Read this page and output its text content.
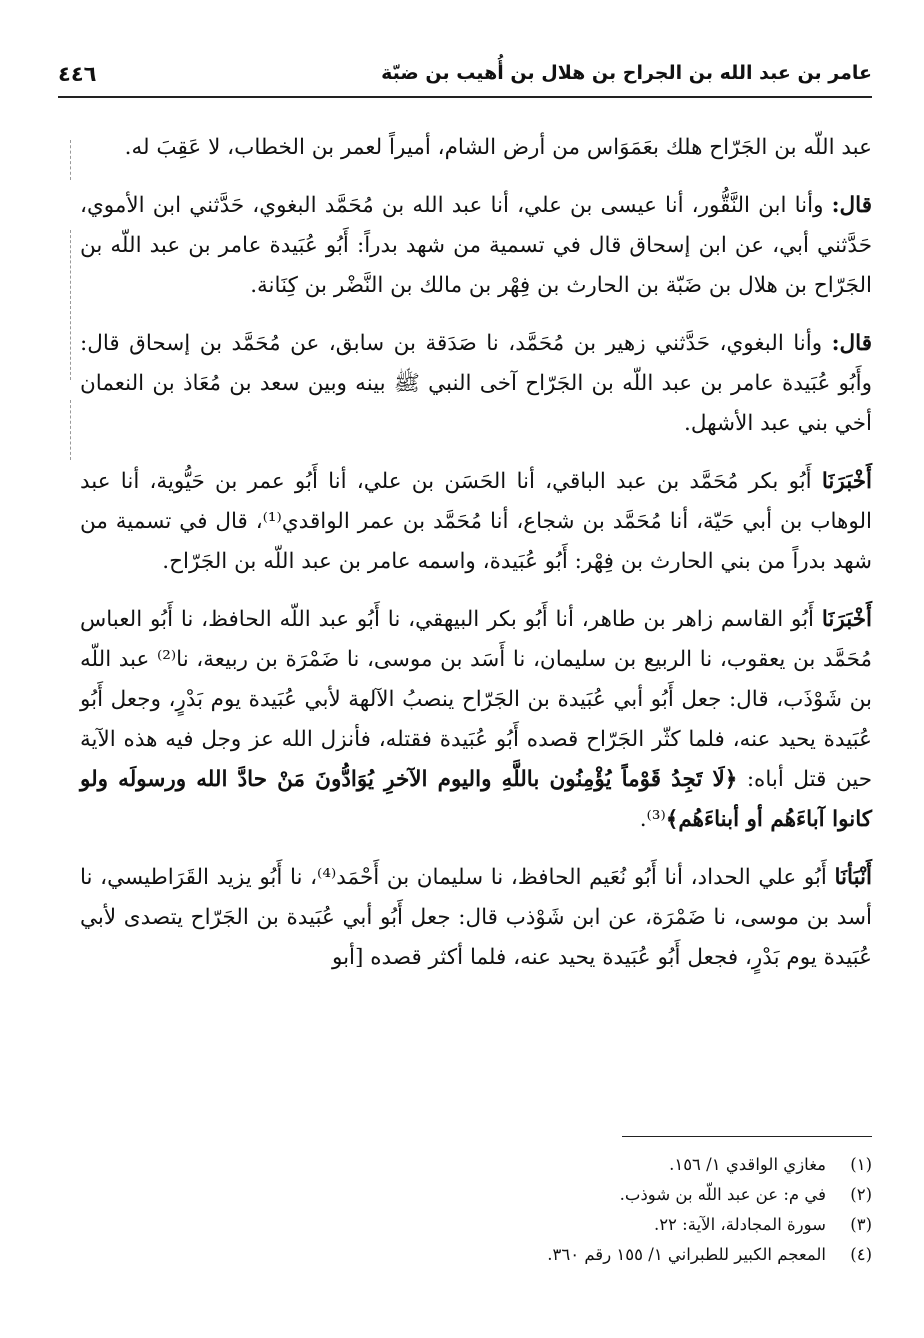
عامر بن عبد الله بن الجراح بن هلال بن أُهيب بن ضبّة
٤٤٦

عبد اللّه بن الجَرّاح هلك بعَمَوَاس من أرض الشام، أميراً لعمر بن الخطاب، لا عَقِبَ له.

قال: وأنا ابن النَّقُّور، أنا عيسى بن علي، أنا عبد الله بن مُحَمَّد البغوي، حَدَّثني ابن الأموي، حَدَّثني أبي، عن ابن إسحاق قال في تسمية من شهد بدراً: أَبُو عُبَيدة عامر بن عبد اللّه بن الجَرّاح بن هلال بن ضَبّة بن الحارث بن فِهْر بن مالك بن النَّضْر بن كِنَانة.

قال: وأنا البغوي، حَدَّثني زهير بن مُحَمَّد، نا صَدَقة بن سابق، عن مُحَمَّد بن إسحاق قال: وأَبُو عُبَيدة عامر بن عبد اللّه بن الجَرّاح آخى النبي ﷺ بينه وبين سعد بن مُعَاذ بن النعمان أخي بني عبد الأشهل.

أَخْبَرَنَا أَبُو بكر مُحَمَّد بن عبد الباقي، أنا الحَسَن بن علي، أنا أَبُو عمر بن حَيُّوية، أنا عبد الوهاب بن أبي حَيّة، أنا مُحَمَّد بن شجاع، أنا مُحَمَّد بن عمر الواقدي⁽¹⁾، قال في تسمية من شهد بدراً من بني الحارث بن فِهْر: أَبُو عُبَيدة، واسمه عامر بن عبد اللّه بن الجَرّاح.

أَخْبَرَنَا أَبُو القاسم زاهر بن طاهر، أنا أَبُو بكر البيهقي، نا أَبُو عبد اللّه الحافظ، نا أَبُو العباس مُحَمَّد بن يعقوب، نا الربيع بن سليمان، نا أَسَد بن موسى، نا ضَمْرَة بن ربيعة، نا⁽²⁾ عبد اللّه بن شَوْذَب، قال: جعل أَبُو أبي عُبَيدة بن الجَرّاح ينصبُ الآلهة لأبي عُبَيدة يوم بَدْرٍ، وجعل أَبُو عُبَيدة يحيد عنه، فلما كثّر الجَرّاح قصده أَبُو عُبَيدة فقتله، فأنزل الله عز وجل فيه هذه الآية حين قتل أباه: ﴿لَا تَجِدُ قَوْماً يُؤْمِنُون باللَّهِ واليوم الآخرِ يُوَادُّونَ مَنْ حادَّ الله ورسولَه ولو كانوا آباءَهُم أو أبناءَهُم﴾⁽³⁾.

أَنْبَأنَا أَبُو علي الحداد، أنا أَبُو نُعَيم الحافظ، نا سليمان بن أَحْمَد⁽⁴⁾، نا أَبُو يزيد القَرَاطيسي، نا أسد بن موسى، نا ضَمْرَة، عن ابن شَوْذب قال: جعل أَبُو أبي عُبَيدة بن الجَرّاح يتصدى لأبي عُبَيدة يوم بَدْرٍ، فجعل أَبُو عُبَيدة يحيد عنه، فلما أكثر قصده [أبو

(١)مغازي الواقدي ١/ ١٥٦.
(٢)في م: عن عبد اللّه بن شوذب.
(٣)سورة المجادلة، الآية: ٢٢.
(٤)المعجم الكبير للطبراني ١/ ١٥٥ رقم ٣٦٠.
